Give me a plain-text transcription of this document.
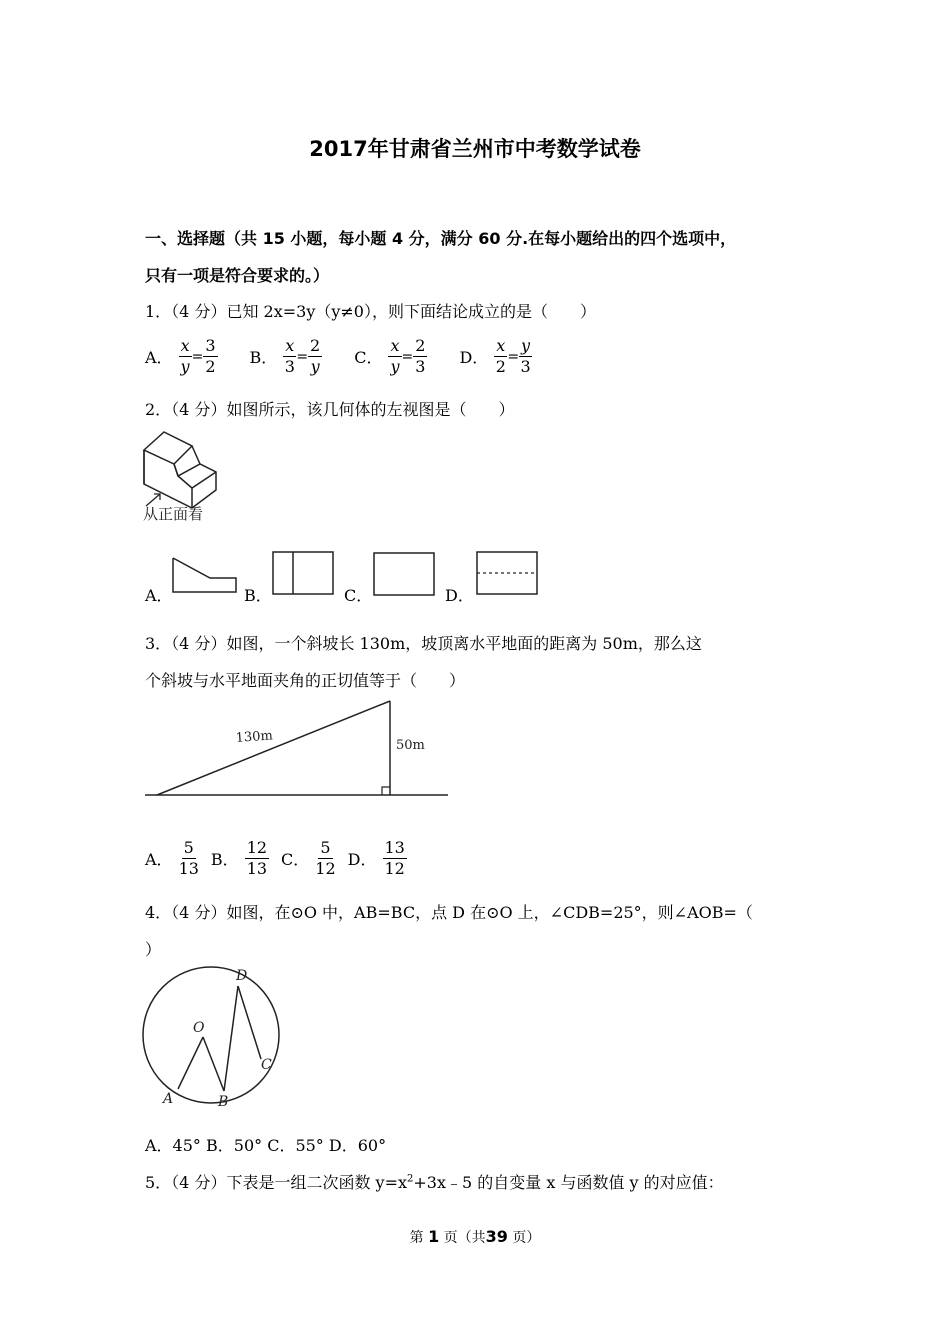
2017年甘肃省兰州市中考数学试卷
一、选择题（共 15 小题，每小题 4 分，满分 60 分.在每小题给出的四个选项中，
只有一项是符合要求的。）
1．（4 分）已知 2x=3y（y≠0），则下面结论成立的是（　　）
A． $\frac{x}{y} = \frac{3}{2}$ B． $\frac{x}{3} = \frac{2}{y}$ C． $\frac{x}{y} = \frac{2}{3}$ D． $\frac{x}{2} = \frac{y}{3}$
2．（4 分）如图所示，该几何体的左视图是（　　）
从正面看
A．	B．	C．	D．
3．（4 分）如图，一个斜坡长 130m，坡顶离水平地面的距离为 50m，那么这
个斜坡与水平地面夹角的正切值等于（　　）
130m	50m
A． $\frac{5}{13}$ B． $\frac{12}{13}$ C． $\frac{5}{12}$ D． $\frac{13}{12}$
4．（4 分）如图，在⊙O 中，AB=BC，点 D 在⊙O 上，∠CDB=25°，则∠AOB=（
）
O
A	B
C
D
A．45° B．50° C．55° D．60°
5．（4 分）下表是一组二次函数 $y=x^2+3x﹣5$ 的自变量 x 与函数值 y 的对应值：
第 1 页（共39 页）
